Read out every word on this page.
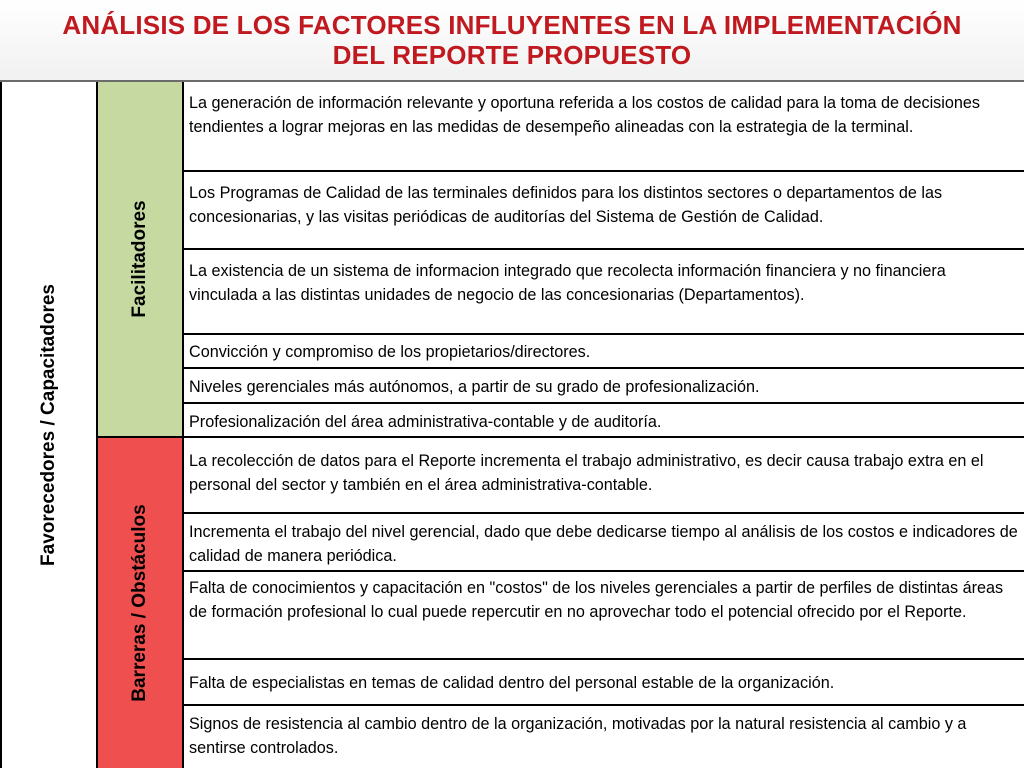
ANÁLISIS DE LOS FACTORES INFLUYENTES EN LA IMPLEMENTACIÓN
DEL REPORTE PROPUESTO
Favorecedores / Capacitadores
Facilitadores
Barreras / Obstáculos
La generación de información relevante y oportuna referida a los costos de calidad para la toma de decisiones tendientes a lograr mejoras en las medidas de desempeño alineadas con la estrategia de la terminal.
Los Programas de Calidad de las terminales definidos para los distintos sectores o departamentos de las concesionarias, y las visitas periódicas de auditorías del Sistema de Gestión de Calidad.
La existencia de un sistema de informacion integrado que recolecta información financiera y no financiera vinculada a las distintas unidades de negocio de las concesionarias (Departamentos).
Convicción y compromiso de los propietarios/directores.
Niveles gerenciales más autónomos, a partir de su grado de profesionalización.
Profesionalización del área administrativa-contable y de auditoría.
La recolección de datos para el Reporte incrementa el trabajo administrativo, es decir causa trabajo extra en el personal del sector y también en el área administrativa-contable.
Incrementa el trabajo del nivel gerencial, dado que debe dedicarse tiempo al análisis de los costos e indicadores de calidad de manera periódica.
Falta de conocimientos y capacitación en "costos" de los niveles gerenciales a partir de perfiles de distintas áreas de formación profesional lo cual puede repercutir en no aprovechar todo el potencial ofrecido por el Reporte.
Falta de especialistas en temas de calidad dentro del personal estable de la organización.
Signos de resistencia al cambio dentro de la organización, motivadas por la natural resistencia al cambio y a sentirse controlados.
